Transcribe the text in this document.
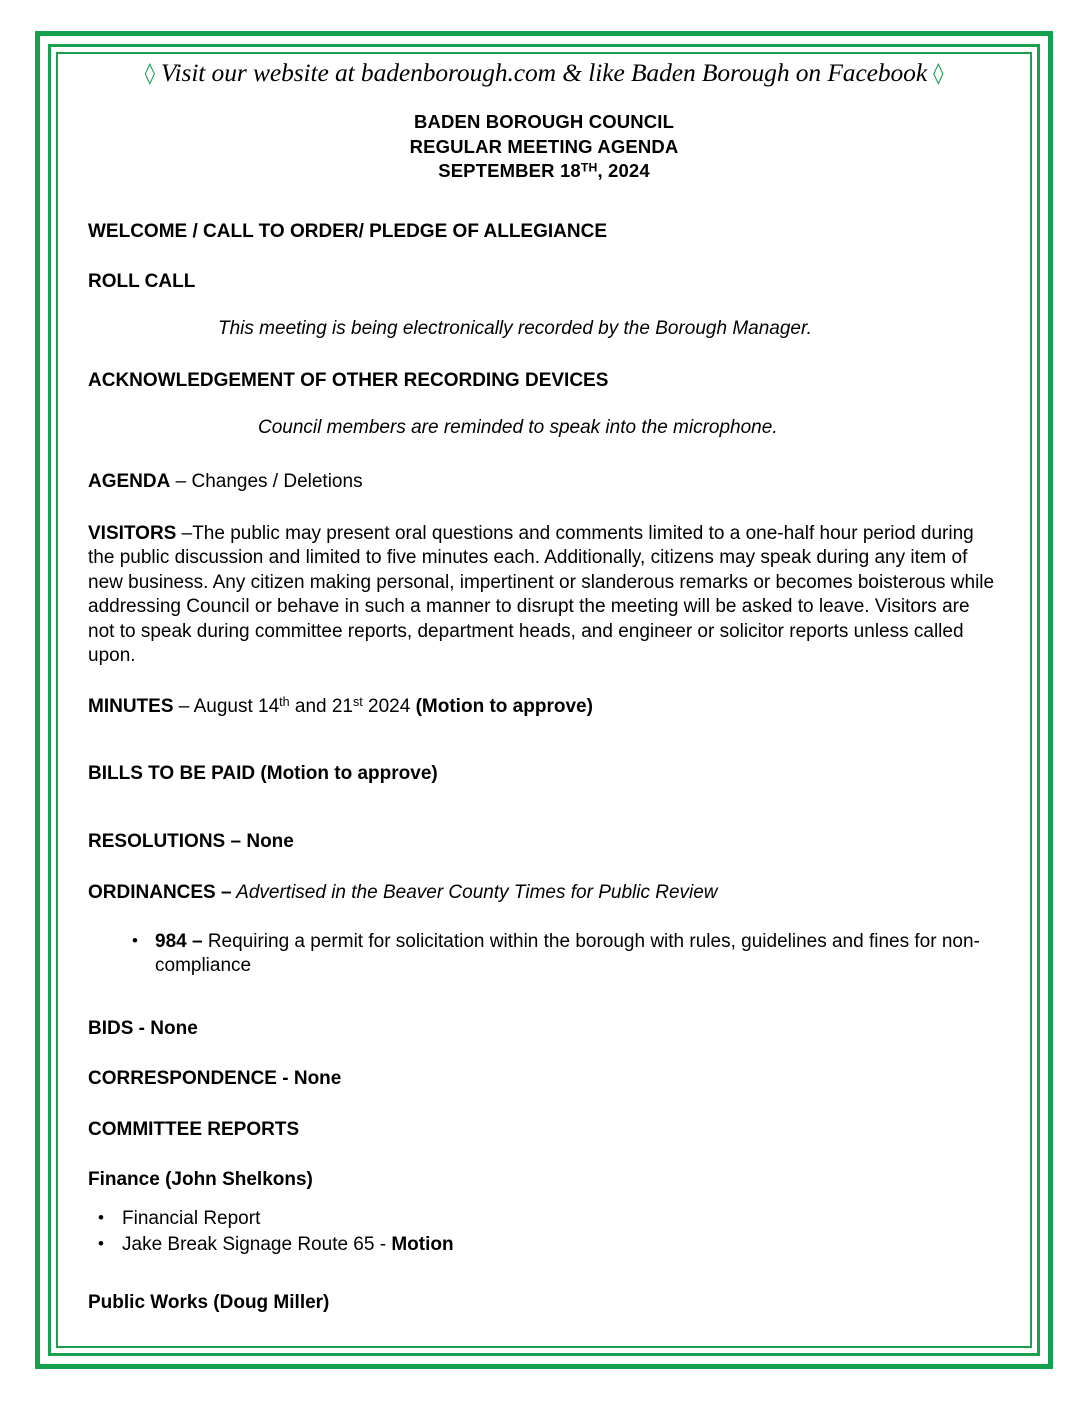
◊ Visit our website at badenborough.com & like Baden Borough on Facebook ◊
BADEN BOROUGH COUNCIL
REGULAR MEETING AGENDA
SEPTEMBER 18TH, 2024
WELCOME / CALL TO ORDER/ PLEDGE OF ALLEGIANCE
ROLL CALL
This meeting is being electronically recorded by the Borough Manager.
ACKNOWLEDGEMENT OF OTHER RECORDING DEVICES
Council members are reminded to speak into the microphone.
AGENDA – Changes / Deletions
VISITORS –The public may present oral questions and comments limited to a one-half hour period during the public discussion and limited to five minutes each. Additionally, citizens may speak during any item of new business. Any citizen making personal, impertinent or slanderous remarks or becomes boisterous while addressing Council or behave in such a manner to disrupt the meeting will be asked to leave. Visitors are not to speak during committee reports, department heads, and engineer or solicitor reports unless called upon.
MINUTES – August 14th and 21st 2024 (Motion to approve)
BILLS TO BE PAID (Motion to approve)
RESOLUTIONS – None
ORDINANCES – Advertised in the Beaver County Times for Public Review
• 984 – Requiring a permit for solicitation within the borough with rules, guidelines and fines for non-compliance
BIDS - None
CORRESPONDENCE - None
COMMITTEE REPORTS
Finance (John Shelkons)
• Financial Report
• Jake Break Signage Route 65 - Motion
Public Works (Doug Miller)
